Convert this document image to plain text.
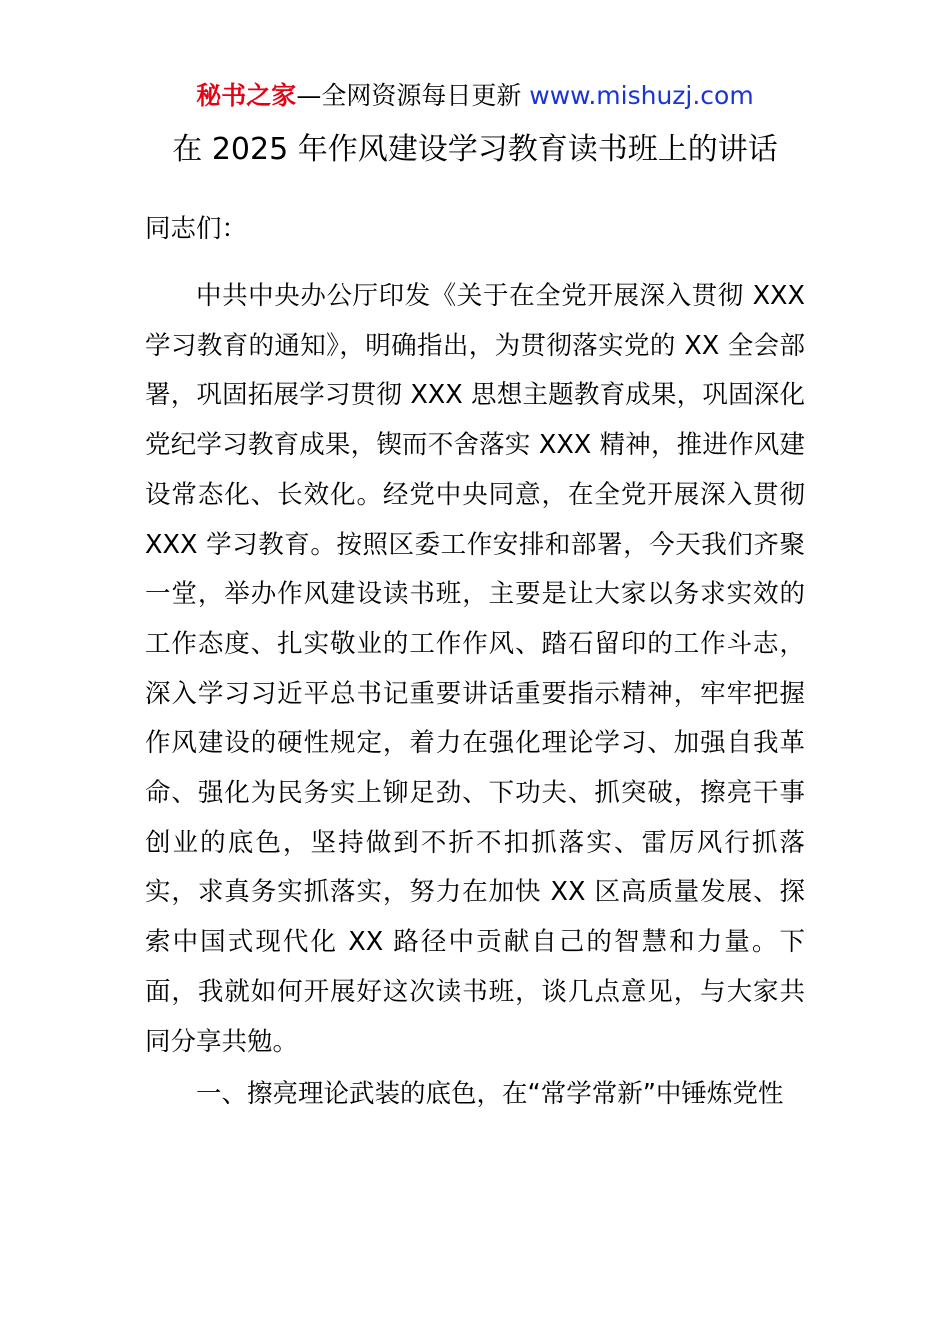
秘书之家—全网资源每日更新 www.mishuzj.com
在 2025 年作风建设学习教育读书班上的讲话

同志们：

中共中央办公厅印发《关于在全党开展深入贯彻 XXX 学习教育的通知》，明确指出，为贯彻落实党的 XX 全会部署，巩固拓展学习贯彻 XXX 思想主题教育成果，巩固深化党纪学习教育成果，锲而不舍落实 XXX 精神，推进作风建设常态化、长效化。经党中央同意，在全党开展深入贯彻 XXX 学习教育。按照区委工作安排和部署，今天我们齐聚一堂，举办作风建设读书班，主要是让大家以务求实效的工作态度、扎实敬业的工作作风、踏石留印的工作斗志，深入学习习近平总书记重要讲话重要指示精神，牢牢把握作风建设的硬性规定，着力在强化理论学习、加强自我革命、强化为民务实上铆足劲、下功夫、抓突破，擦亮干事创业的底色，坚持做到不折不扣抓落实、雷厉风行抓落实，求真务实抓落实，努力在加快 XX 区高质量发展、探索中国式现代化 XX 路径中贡献自己的智慧和力量。下面，我就如何开展好这次读书班，谈几点意见，与大家共同分享共勉。

一、擦亮理论武装的底色，在“常学常新”中锤炼党性
